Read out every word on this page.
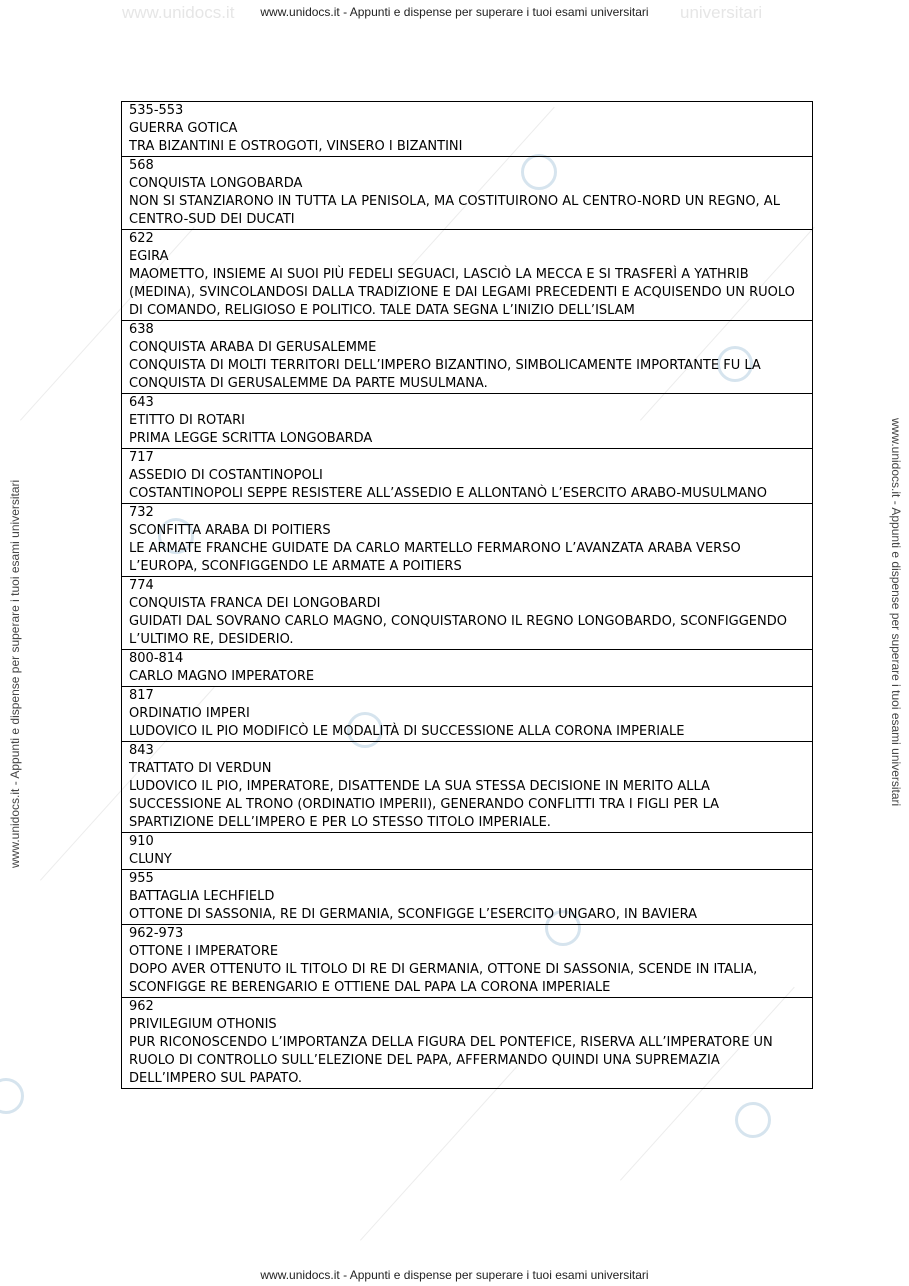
www.unidocs.it	universitari
www.unidocs.it - Appunti e dispense per superare i tuoi esami universitari
www.unidocs.it - Appunti e dispense per superare i tuoi esami universitari
www.unidocs.it - Appunti e dispense per superare i tuoi esami universitari	www.unidocs.it - Appunti e dispense per superare i tuoi esami universitari
535-553
GUERRA GOTICA
TRA BIZANTINI E OSTROGOTI, VINSERO I BIZANTINI

568
CONQUISTA LONGOBARDA
NON SI STANZIARONO IN TUTTA LA PENISOLA, MA COSTITUIRONO AL CENTRO-NORD UN REGNO, AL CENTRO-SUD DEI DUCATI

622
EGIRA
MAOMETTO, INSIEME AI SUOI PIÙ FEDELI SEGUACI, LASCIÒ LA MECCA E SI TRASFERÌ A YATHRIB (MEDINA), SVINCOLANDOSI DALLA TRADIZIONE E DAI LEGAMI PRECEDENTI E ACQUISENDO UN RUOLO DI COMANDO, RELIGIOSO E POLITICO. TALE DATA SEGNA L’INIZIO DELL’ISLAM

638
CONQUISTA ARABA DI GERUSALEMME
CONQUISTA DI MOLTI TERRITORI DELL’IMPERO BIZANTINO, SIMBOLICAMENTE IMPORTANTE FU LA CONQUISTA DI GERUSALEMME DA PARTE MUSULMANA.

643
ETITTO DI ROTARI
PRIMA LEGGE SCRITTA LONGOBARDA

717
ASSEDIO DI COSTANTINOPOLI
COSTANTINOPOLI SEPPE RESISTERE ALL’ASSEDIO E ALLONTANÒ L’ESERCITO ARABO-MUSULMANO

732
SCONFITTA ARABA DI POITIERS
LE ARMATE FRANCHE GUIDATE DA CARLO MARTELLO FERMARONO L’AVANZATA ARABA VERSO L’EUROPA, SCONFIGGENDO LE ARMATE A POITIERS

774
CONQUISTA FRANCA DEI LONGOBARDI
GUIDATI DAL SOVRANO CARLO MAGNO, CONQUISTARONO IL REGNO LONGOBARDO, SCONFIGGENDO L’ULTIMO RE, DESIDERIO.

800-814
CARLO MAGNO IMPERATORE

817
ORDINATIO IMPERI
LUDOVICO IL PIO MODIFICÒ LE MODALITÀ DI SUCCESSIONE ALLA CORONA IMPERIALE

843
TRATTATO DI VERDUN
LUDOVICO IL PIO, IMPERATORE, DISATTENDE LA SUA STESSA DECISIONE IN MERITO ALLA SUCCESSIONE AL TRONO (ORDINATIO IMPERII), GENERANDO CONFLITTI TRA I FIGLI PER LA SPARTIZIONE DELL’IMPERO E PER LO STESSO TITOLO IMPERIALE.

910
CLUNY

955
BATTAGLIA LECHFIELD
OTTONE DI SASSONIA, RE DI GERMANIA, SCONFIGGE L’ESERCITO UNGARO, IN BAVIERA

962-973
OTTONE I IMPERATORE
DOPO AVER OTTENUTO IL TITOLO DI RE DI GERMANIA, OTTONE DI SASSONIA, SCENDE IN ITALIA, SCONFIGGE RE BERENGARIO E OTTIENE DAL PAPA LA CORONA IMPERIALE

962
PRIVILEGIUM OTHONIS
PUR RICONOSCENDO L’IMPORTANZA DELLA FIGURA DEL PONTEFICE, RISERVA ALL’IMPERATORE UN RUOLO DI CONTROLLO SULL’ELEZIONE DEL PAPA, AFFERMANDO QUINDI UNA SUPREMAZIA DELL’IMPERO SUL PAPATO.
